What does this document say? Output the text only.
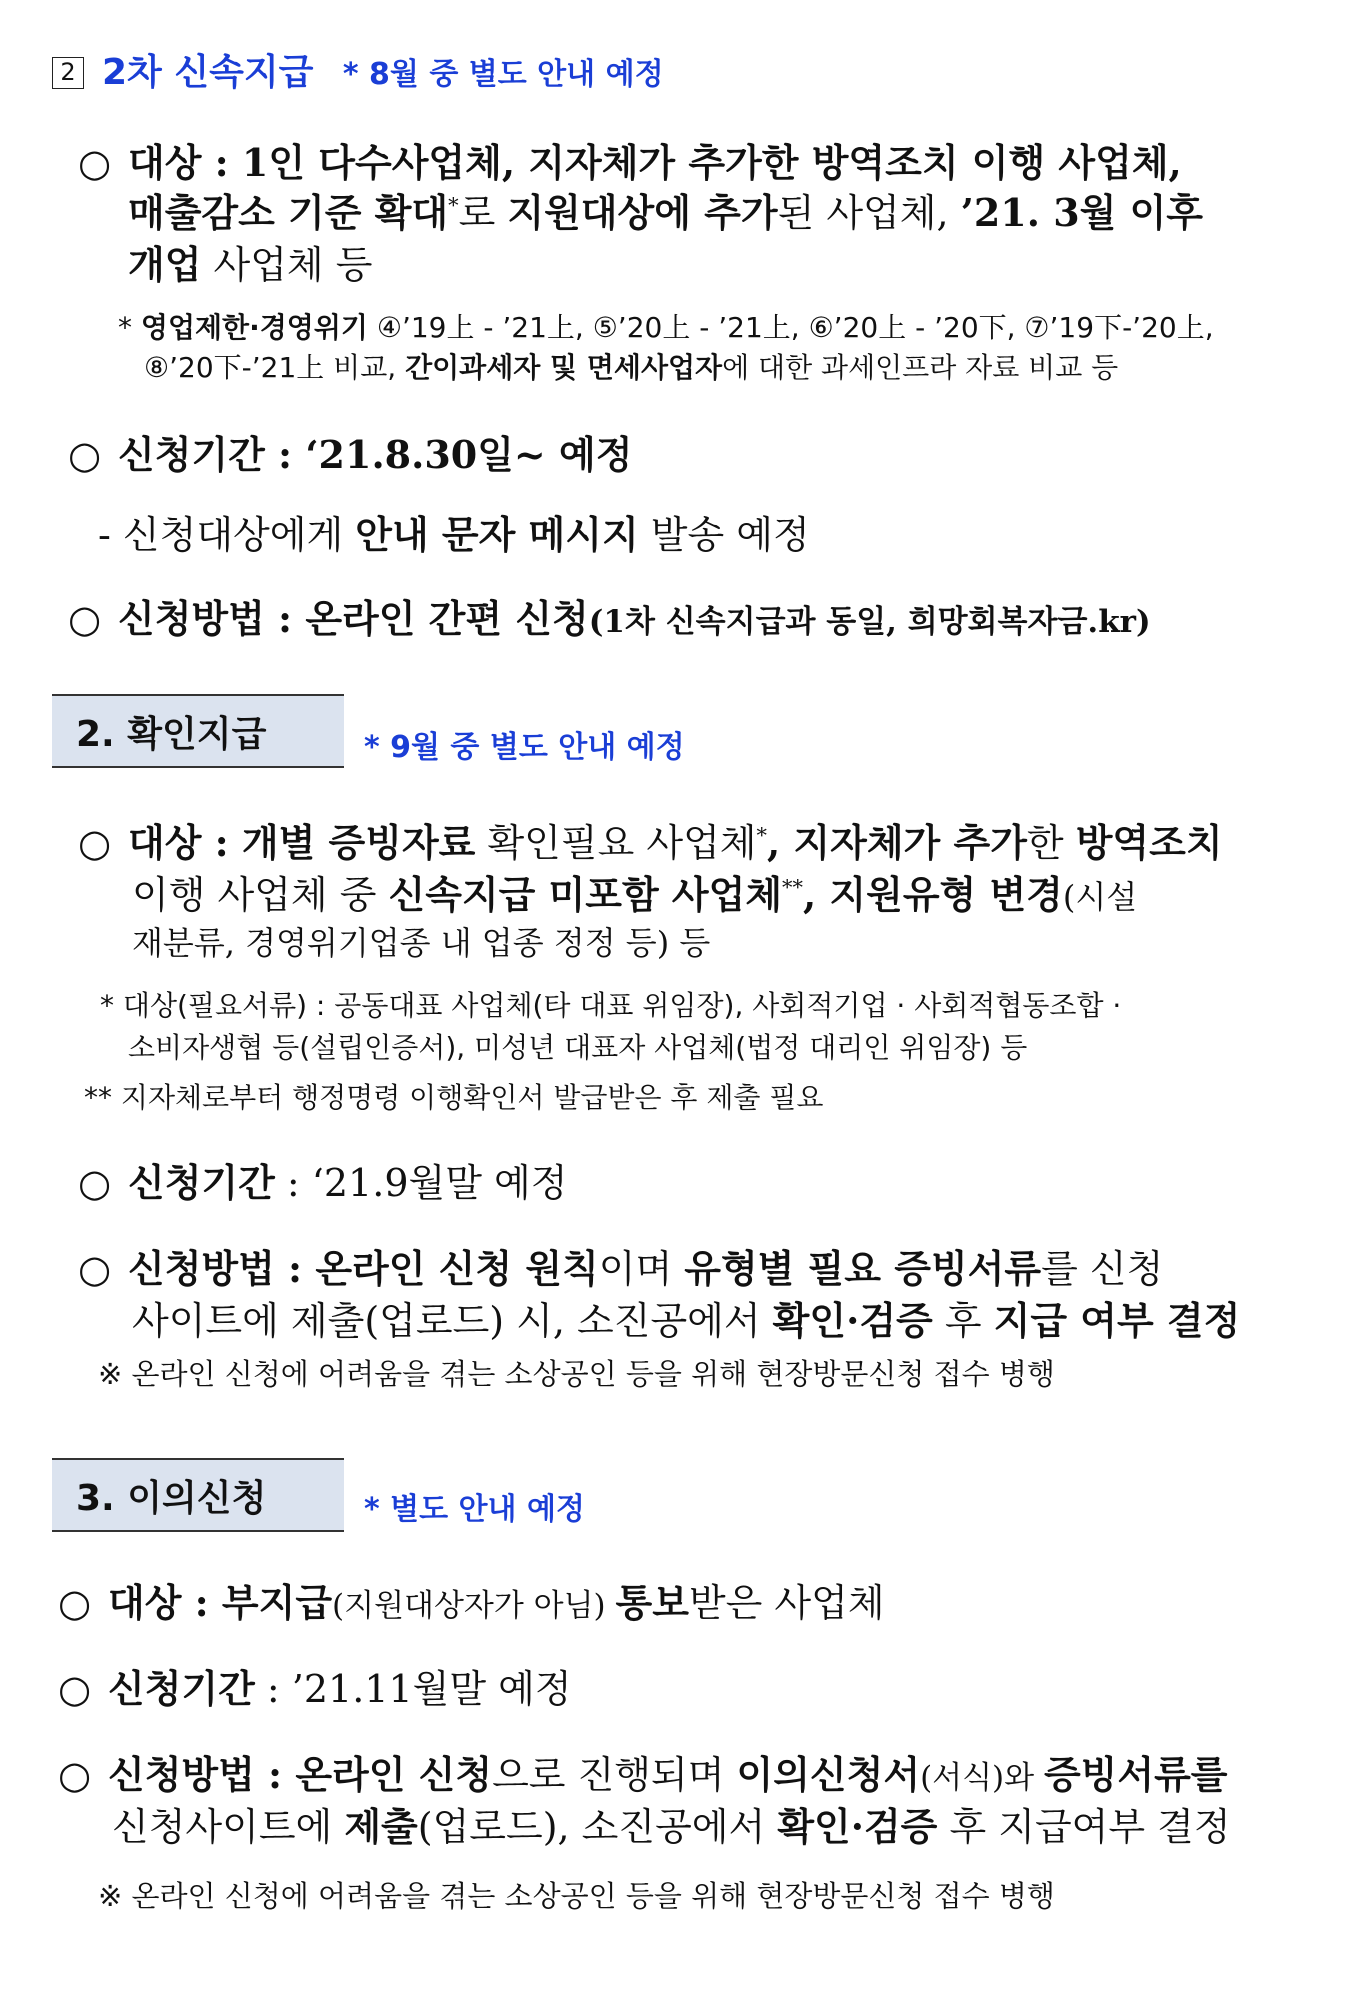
2 2차 신속지급 * 8월 중 별도 안내 예정
○ 대상 : 1인 다수사업체, 지자체가 추가한 방역조치 이행 사업체,
매출감소 기준 확대*로 지원대상에 추가된 사업체, ’21. 3월 이후
개업 사업체 등
* 영업제한·경영위기 ④’19上 - ’21上, ⑤’20上 - ’21上, ⑥’20上 - ’20下, ⑦’19下-’20上,
⑧’20下-’21上 비교, 간이과세자 및 면세사업자에 대한 과세인프라 자료 비교 등
○ 신청기간 : ‘21.8.30일~ 예정
- 신청대상에게 안내 문자 메시지 발송 예정
○ 신청방법 : 온라인 간편 신청(1차 신속지급과 동일, 희망회복자금.kr)
2. 확인지급	* 9월 중 별도 안내 예정
○ 대상 : 개별 증빙자료 확인필요 사업체*, 지자체가 추가한 방역조치
이행 사업체 중 신속지급 미포함 사업체**, 지원유형 변경(시설
재분류, 경영위기업종 내 업종 정정 등) 등
* 대상(필요서류) : 공동대표 사업체(타 대표 위임장), 사회적기업 · 사회적협동조합 ·
소비자생협 등(설립인증서), 미성년 대표자 사업체(법정 대리인 위임장) 등
** 지자체로부터 행정명령 이행확인서 발급받은 후 제출 필요
○ 신청기간 : ‘21.9월말 예정
○ 신청방법 : 온라인 신청 원칙이며 유형별 필요 증빙서류를 신청
사이트에 제출(업로드) 시, 소진공에서 확인·검증 후 지급 여부 결정
※ 온라인 신청에 어려움을 겪는 소상공인 등을 위해 현장방문신청 접수 병행
3. 이의신청	* 별도 안내 예정
○ 대상 : 부지급(지원대상자가 아님) 통보받은 사업체
○ 신청기간 : ’21.11월말 예정
○ 신청방법 : 온라인 신청으로 진행되며 이의신청서(서식)와 증빙서류를
신청사이트에 제출(업로드), 소진공에서 확인·검증 후 지급여부 결정
※ 온라인 신청에 어려움을 겪는 소상공인 등을 위해 현장방문신청 접수 병행
